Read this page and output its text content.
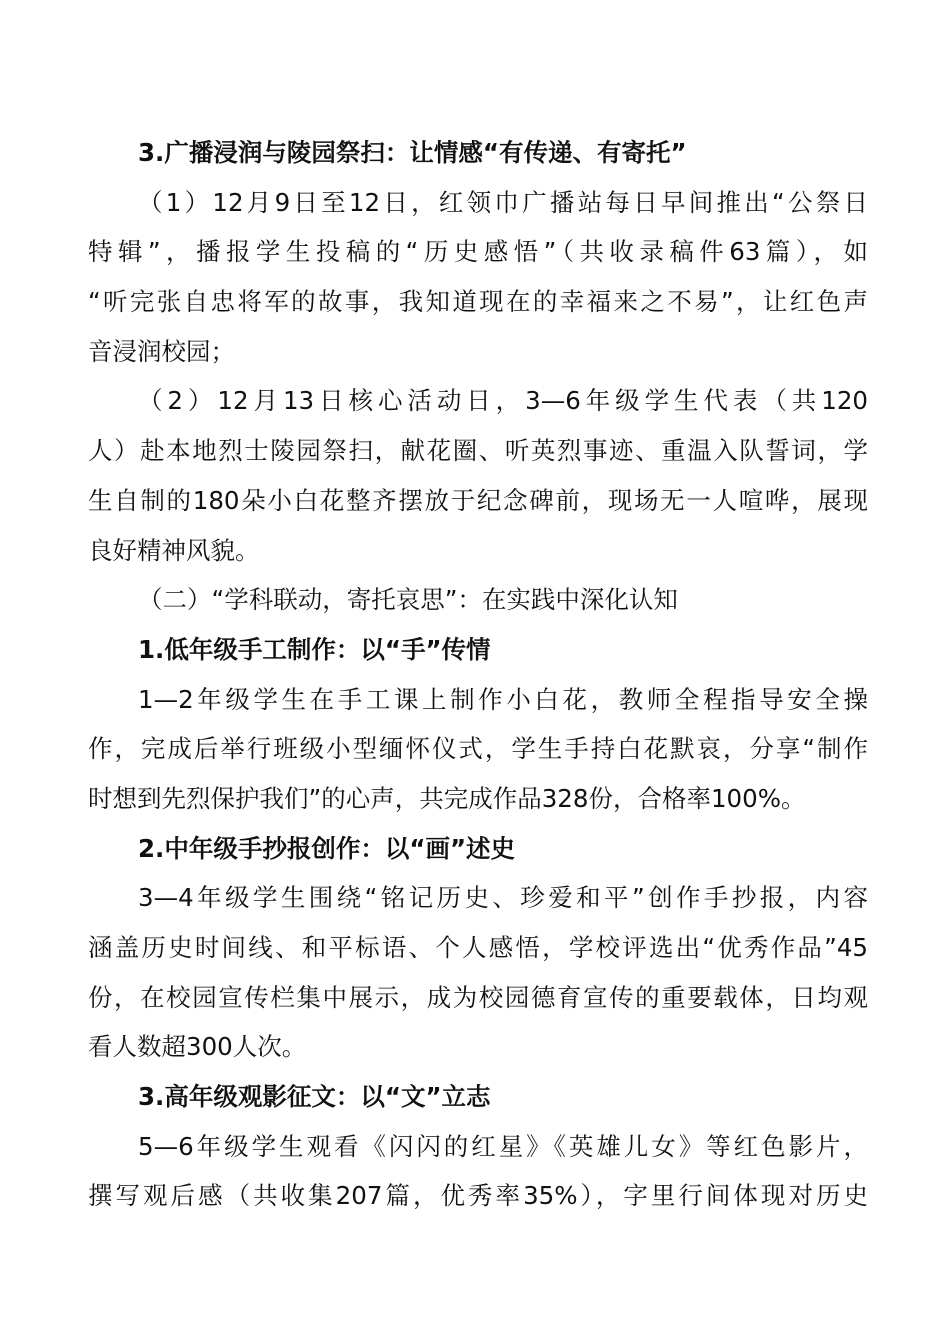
3.广播浸润与陵园祭扫：让情感“有传递、有寄托”

（1）12月9日至12日，红领巾广播站每日早间推出“公祭日

特辑”，播报学生投稿的“历史感悟”（共收录稿件63篇），如

“听完张自忠将军的故事，我知道现在的幸福来之不易”，让红色声

音浸润校园；

（2）12月13日核心活动日，3—6年级学生代表（共120

人）赴本地烈士陵园祭扫，献花圈、听英烈事迹、重温入队誓词，学

生自制的180朵小白花整齐摆放于纪念碑前，现场无一人喧哗，展现

良好精神风貌。

（二）“学科联动，寄托哀思”：在实践中深化认知

1.低年级手工制作：以“手”传情

1—2年级学生在手工课上制作小白花，教师全程指导安全操

作，完成后举行班级小型缅怀仪式，学生手持白花默哀，分享“制作

时想到先烈保护我们”的心声，共完成作品328份，合格率100%。

2.中年级手抄报创作：以“画”述史

3—4年级学生围绕“铭记历史、珍爱和平”创作手抄报，内容

涵盖历史时间线、和平标语、个人感悟，学校评选出“优秀作品”45

份，在校园宣传栏集中展示，成为校园德育宣传的重要载体，日均观

看人数超300人次。

3.高年级观影征文：以“文”立志

5—6年级学生观看《闪闪的红星》《英雄儿女》等红色影片，

撰写观后感（共收集207篇，优秀率35%），字里行间体现对历史
